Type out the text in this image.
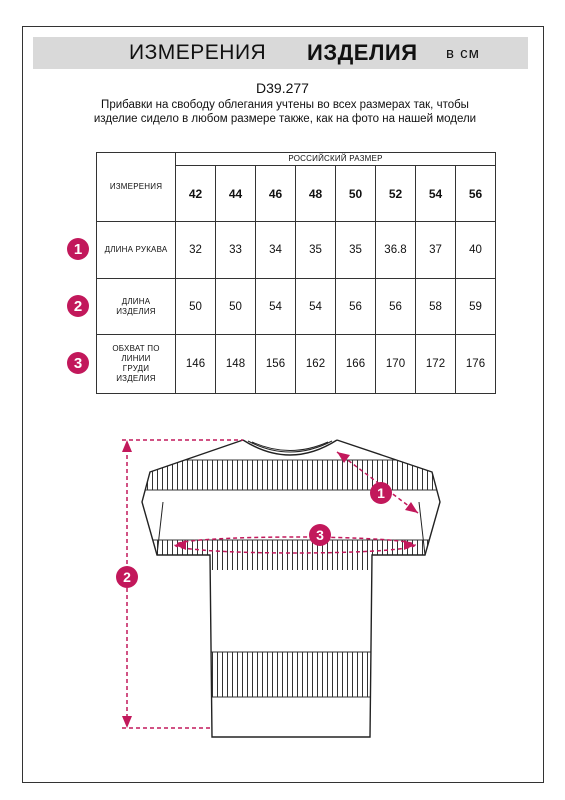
ИЗМЕРЕНИЯ ИЗДЕЛИЯ в см
D39.277
Прибавки на свободу облегания учтены во всех размерах так, чтобы изделие сидело в любом размере также, как на фото на нашей модели
ИЗМЕРЕНИЯ	РОССИЙСКИЙ РАЗМЕР							
	42	44	46	48	50	52	54	56
ДЛИНА РУКАВА	32	33	34	35	35	36.8	37	40
ДЛИНА ИЗДЕЛИЯ	50	50	54	54	56	56	58	59
ОБХВАТ ПО ЛИНИИ ГРУДИ ИЗДЕЛИЯ	146	148	156	162	166	170	172	176
1
2
3
1
2
3
